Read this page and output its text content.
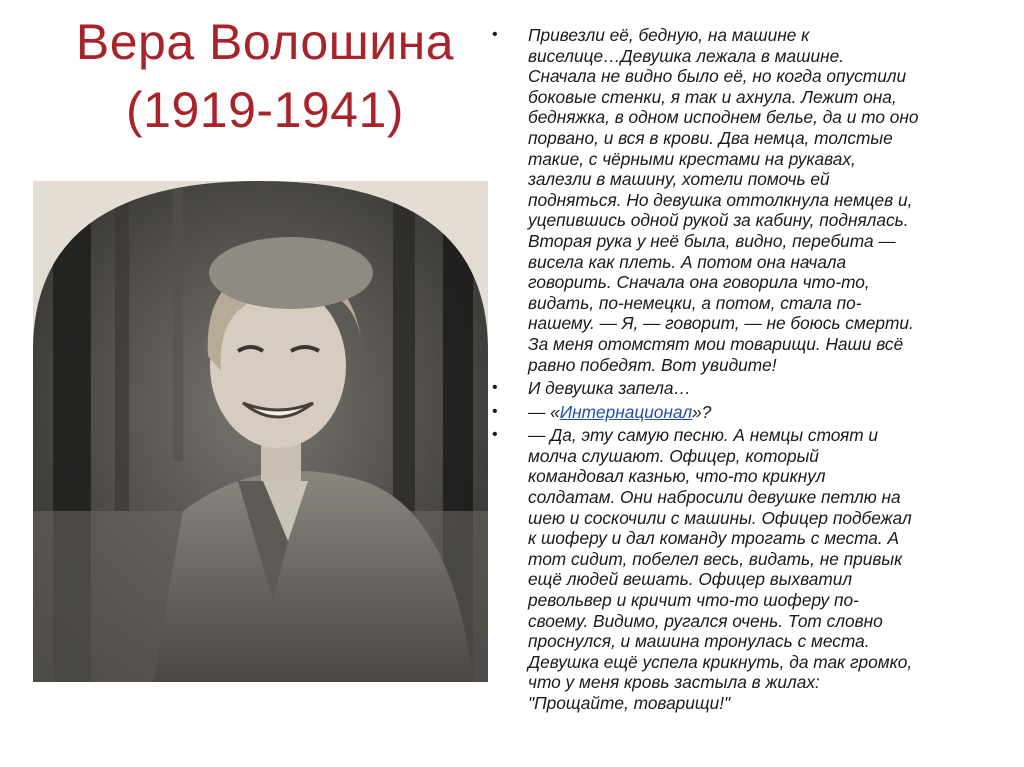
Вера Волошина
(1919-1941)
• Привезли её, бедную, на машине к
виселице…Девушка лежала в машине.
Сначала не видно было её, но когда опустили
боковые стенки, я так и ахнула. Лежит она,
бедняжка, в одном исподнем белье, да и то оно
порвано, и вся в крови. Два немца, толстые
такие, с чёрными крестами на рукавах,
залезли в машину, хотели помочь ей
подняться. Но девушка оттолкнула немцев и,
уцепившись одной рукой за кабину, поднялась.
Вторая рука у неё была, видно, перебита —
висела как плеть. А потом она начала
говорить. Сначала она говорила что-то,
видать, по-немецки, а потом, стала по-
нашему. — Я, — говорит, — не боюсь смерти.
За меня отомстят мои товарищи. Наши всё
равно победят. Вот увидите!
• И девушка запела…
• — «Интернационал»?
• — Да, эту самую песню. А немцы стоят и
молча слушают. Офицер, который
командовал казнью, что-то крикнул
солдатам. Они набросили девушке петлю на
шею и соскочили с машины. Офицер подбежал
к шоферу и дал команду трогать с места. А
тот сидит, побелел весь, видать, не привык
ещё людей вешать. Офицер выхватил
револьвер и кричит что-то шоферу по-
своему. Видимо, ругался очень. Тот словно
проснулся, и машина тронулась с места.
Девушка ещё успела крикнуть, да так громко,
что у меня кровь застыла в жилах:
"Прощайте, товарищи!"
